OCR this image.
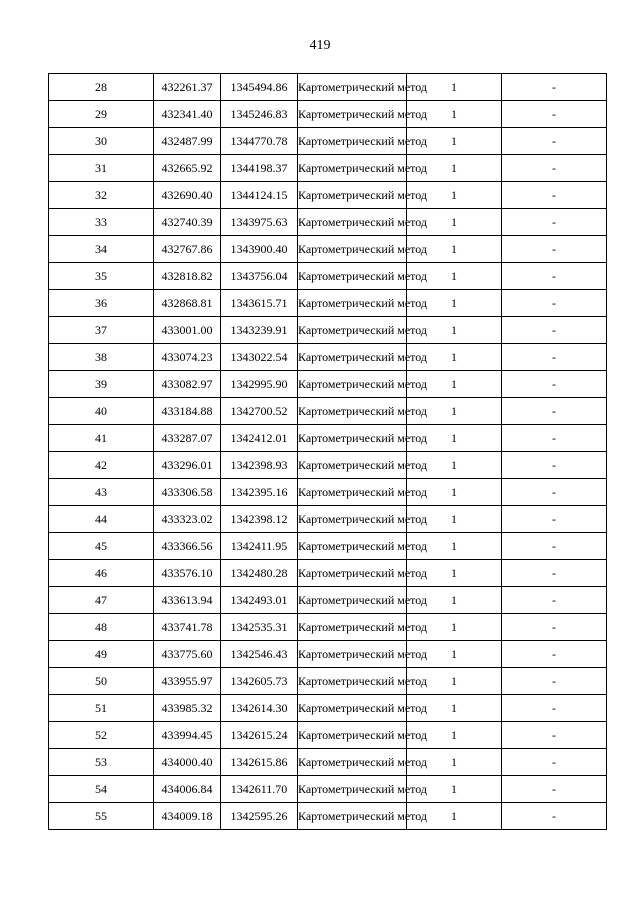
419
28	432261.37	1345494.86	Картометрический метод	1	-
29	432341.40	1345246.83	Картометрический метод	1	-
30	432487.99	1344770.78	Картометрический метод	1	-
31	432665.92	1344198.37	Картометрический метод	1	-
32	432690.40	1344124.15	Картометрический метод	1	-
33	432740.39	1343975.63	Картометрический метод	1	-
34	432767.86	1343900.40	Картометрический метод	1	-
35	432818.82	1343756.04	Картометрический метод	1	-
36	432868.81	1343615.71	Картометрический метод	1	-
37	433001.00	1343239.91	Картометрический метод	1	-
38	433074.23	1343022.54	Картометрический метод	1	-
39	433082.97	1342995.90	Картометрический метод	1	-
40	433184.88	1342700.52	Картометрический метод	1	-
41	433287.07	1342412.01	Картометрический метод	1	-
42	433296.01	1342398.93	Картометрический метод	1	-
43	433306.58	1342395.16	Картометрический метод	1	-
44	433323.02	1342398.12	Картометрический метод	1	-
45	433366.56	1342411.95	Картометрический метод	1	-
46	433576.10	1342480.28	Картометрический метод	1	-
47	433613.94	1342493.01	Картометрический метод	1	-
48	433741.78	1342535.31	Картометрический метод	1	-
49	433775.60	1342546.43	Картометрический метод	1	-
50	433955.97	1342605.73	Картометрический метод	1	-
51	433985.32	1342614.30	Картометрический метод	1	-
52	433994.45	1342615.24	Картометрический метод	1	-
53	434000.40	1342615.86	Картометрический метод	1	-
54	434006.84	1342611.70	Картометрический метод	1	-
55	434009.18	1342595.26	Картометрический метод	1	-
